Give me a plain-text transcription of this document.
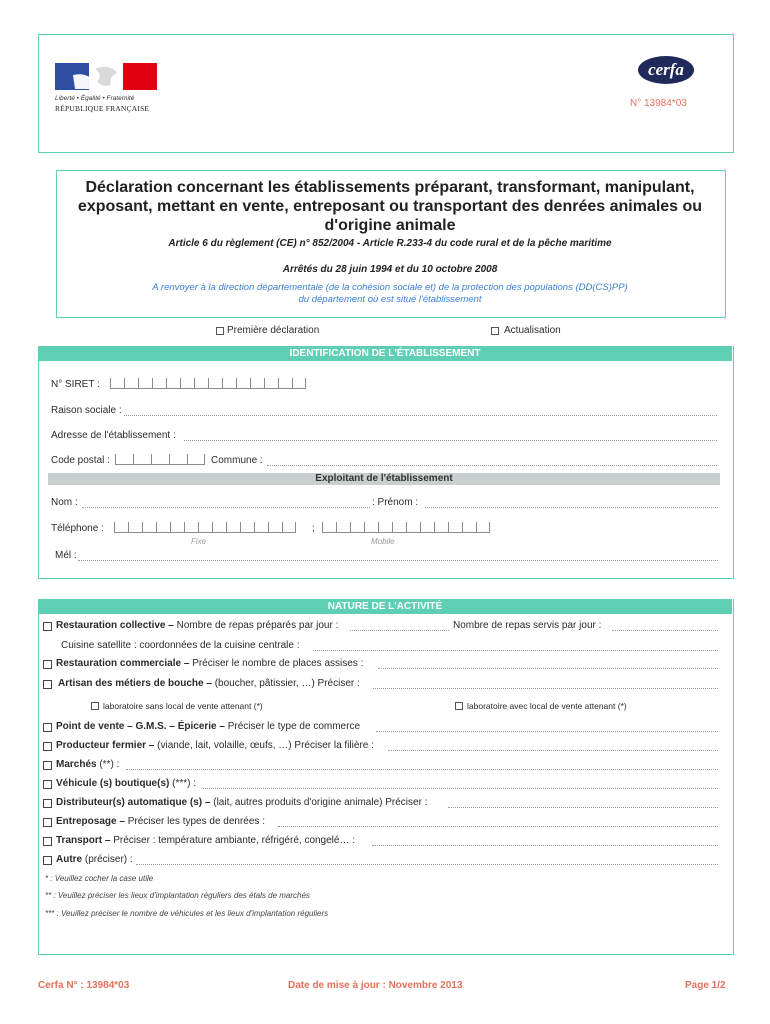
Liberté • Égalité • Fraternité
RÉPUBLIQUE FRANÇAISE
cerfa
N° 13984*03
Déclaration concernant les établissements préparant, transformant, manipulant,
exposant, mettant en vente, entreposant ou transportant des denrées animales ou
d'origine animale
Article 6 du règlement (CE) n° 852/2004 - Article R.233-4 du code rural et de la pêche maritime
Arrêtés du 28 juin 1994 et du 10 octobre 2008
A renvoyer à la direction départementale (de la cohésion sociale et) de la protection des populations (DD(CS)PP)
du département où est situé l'établissement
Première déclaration	Actualisation
IDENTIFICATION DE L'ÉTABLISSEMENT
N° SIRET :
Raison sociale :
Adresse de l'établissement :
Code postal :	Commune :
Exploitant de l'établissement
Nom :	: Prénom :
Téléphone :	;
Fixe	Mobile
Mél :
NATURE DE L'ACTIVITÉ
Restauration collective – Nombre de repas préparés par jour :	Nombre de repas servis par jour :
Cuisine satellite : coordonnées de la cuisine centrale :
Restauration commerciale – Préciser le nombre de places assises :
Artisan des métiers de bouche – (boucher, pâtissier, …) Préciser :
laboratoire sans local de vente attenant (*)	laboratoire avec local de vente attenant (*)
Point de vente – G.M.S. – Épicerie – Préciser le type de commerce
Producteur fermier – (viande, lait, volaille, œufs, …) Préciser la filière :
Marchés (**) :
Véhicule (s) boutique(s) (***) :
Distributeur(s) automatique (s) – (lait, autres produits d'origine animale) Préciser :
Entreposage – Préciser les types de denrées :
Transport – Préciser : température ambiante, réfrigéré, congelé… :
Autre (préciser) :
* : Veuillez cocher la case utile
** : Veuillez préciser les lieux d'implantation réguliers des étals de marchés
*** : Veuillez préciser le nombre de véhicules et les lieux d'implantation réguliers
Cerfa N° : 13984*03	Date de mise à jour : Novembre 2013	Page 1/2
